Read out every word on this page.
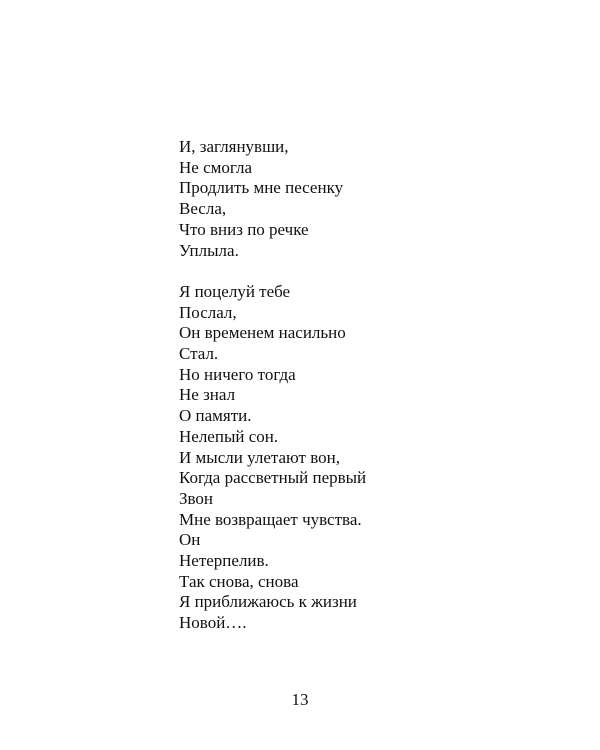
И, заглянувши,
Не смогла
Продлить мне песенку
Весла,
Что вниз по речке
Уплыла.
Я поцелуй тебе
Послал,
Он временем насильно
Стал.
Но ничего тогда
Не знал
О памяти.
Нелепый сон.
И мысли улетают вон,
Когда рассветный первый
Звон
Мне возвращает чувства.
Он
Нетерпелив.
Так снова, снова
Я приближаюсь к жизни
Новой….
13
